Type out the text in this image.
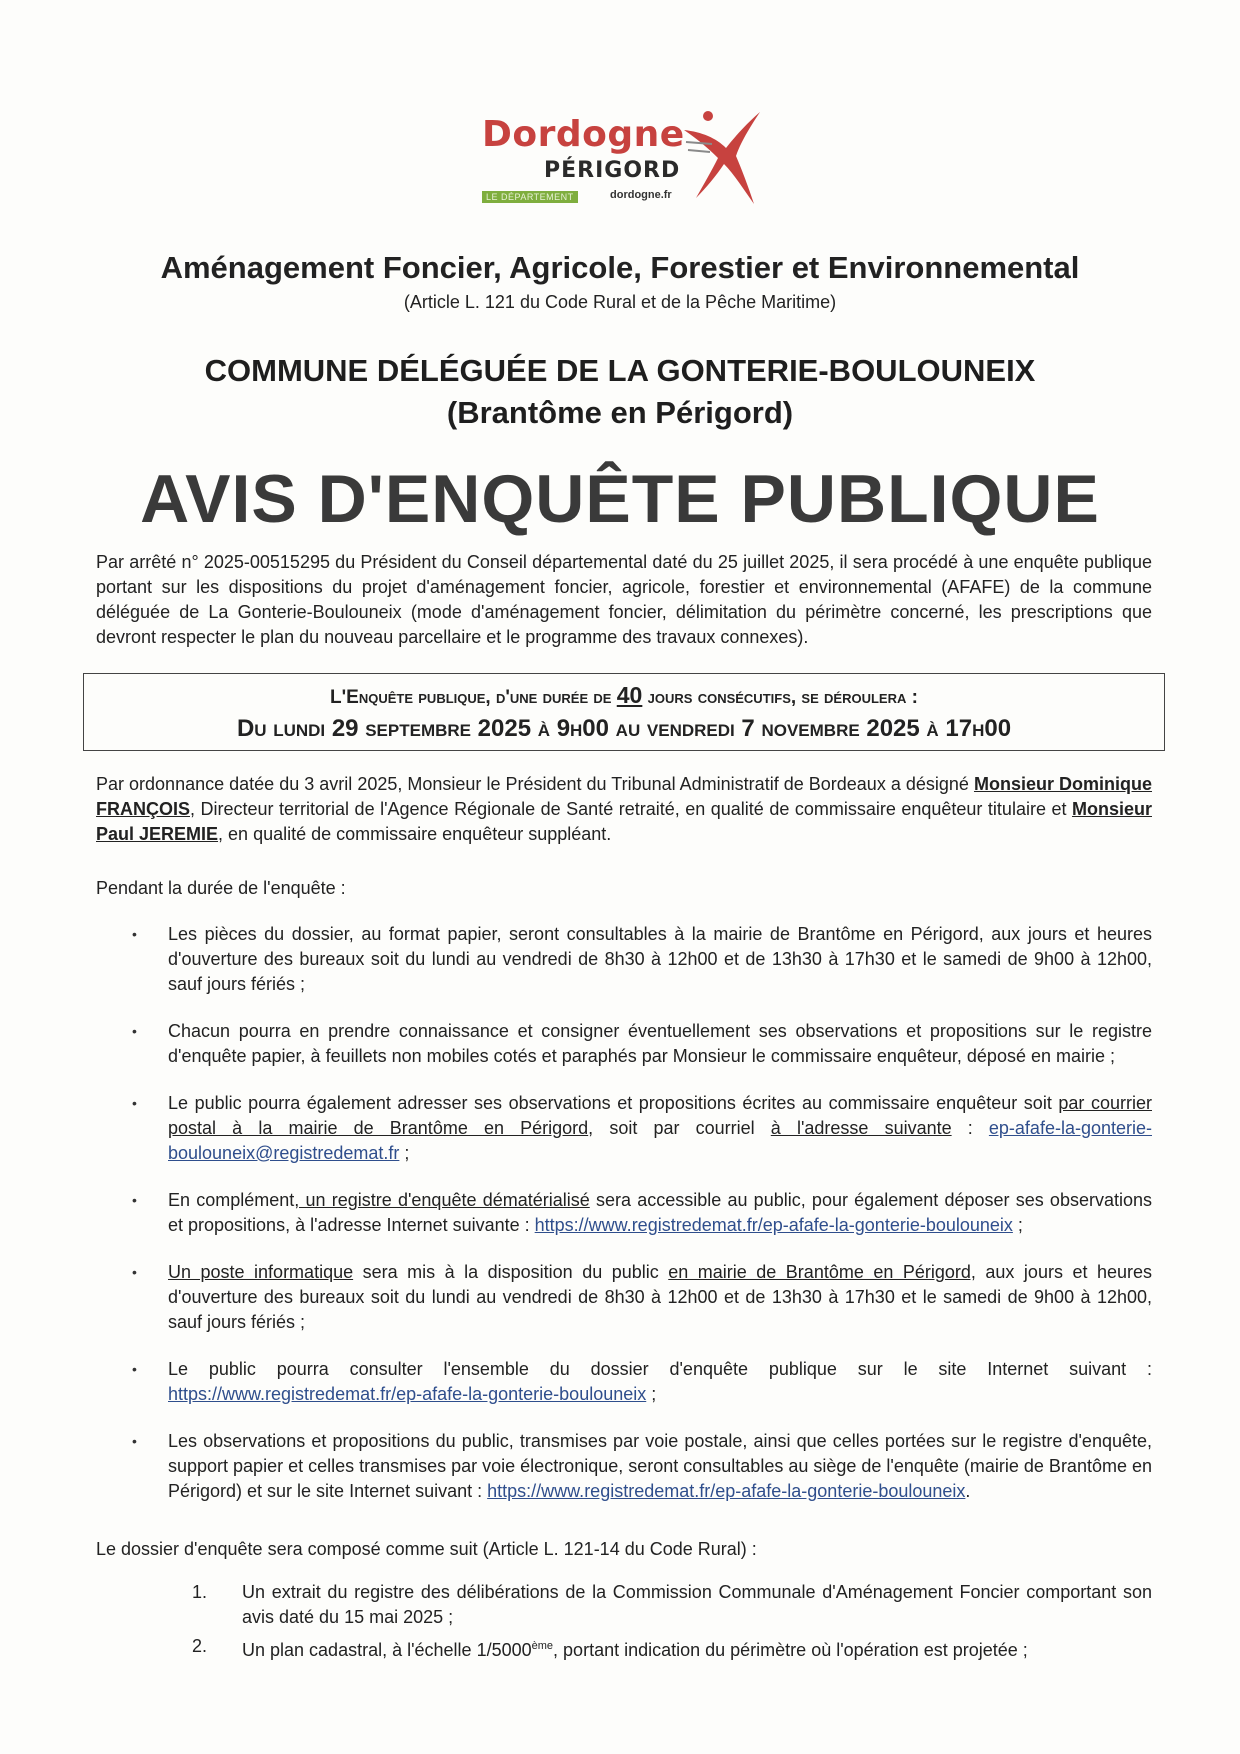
Dordogne
PÉRIGORD
LE DÉPARTEMENT	dordogne.fr
Aménagement Foncier, Agricole, Forestier et Environnemental
(Article L. 121 du Code Rural et de la Pêche Maritime)
COMMUNE DÉLÉGUÉE DE LA GONTERIE-BOULOUNEIX
(Brantôme en Périgord)
AVIS D'ENQUÊTE PUBLIQUE
Par arrêté n° 2025-00515295 du Président du Conseil départemental daté du 25 juillet 2025, il sera procédé à une enquête publique portant sur les dispositions du projet d'aménagement foncier, agricole, forestier et environnemental (AFAFE) de la commune déléguée de La Gonterie-Boulouneix (mode d'aménagement foncier, délimitation du périmètre concerné, les prescriptions que devront respecter le plan du nouveau parcellaire et le programme des travaux connexes).
L'Enquête publique, d'une durée de 40 jours consécutifs, se déroulera :
Du lundi 29 septembre 2025 à 9h00 au vendredi 7 novembre 2025 à 17h00
Par ordonnance datée du 3 avril 2025, Monsieur le Président du Tribunal Administratif de Bordeaux a désigné Monsieur Dominique FRANÇOIS, Directeur territorial de l'Agence Régionale de Santé retraité, en qualité de commissaire enquêteur titulaire et Monsieur Paul JEREMIE, en qualité de commissaire enquêteur suppléant.
Pendant la durée de l'enquête :
• Les pièces du dossier, au format papier, seront consultables à la mairie de Brantôme en Périgord, aux jours et heures d'ouverture des bureaux soit du lundi au vendredi de 8h30 à 12h00 et de 13h30 à 17h30 et le samedi de 9h00 à 12h00, sauf jours fériés ;
• Chacun pourra en prendre connaissance et consigner éventuellement ses observations et propositions sur le registre d'enquête papier, à feuillets non mobiles cotés et paraphés par Monsieur le commissaire enquêteur, déposé en mairie ;
• Le public pourra également adresser ses observations et propositions écrites au commissaire enquêteur soit par courrier postal à la mairie de Brantôme en Périgord, soit par courriel à l'adresse suivante : ep-afafe-la-gonterie-boulouneix@registredemat.fr ;
• En complément, un registre d'enquête dématérialisé sera accessible au public, pour également déposer ses observations et propositions, à l'adresse Internet suivante : https://www.registredemat.fr/ep-afafe-la-gonterie-boulouneix ;
• Un poste informatique sera mis à la disposition du public en mairie de Brantôme en Périgord, aux jours et heures d'ouverture des bureaux soit du lundi au vendredi de 8h30 à 12h00 et de 13h30 à 17h30 et le samedi de 9h00 à 12h00, sauf jours fériés ;
• Le public pourra consulter l'ensemble du dossier d'enquête publique sur le site Internet suivant : https://www.registredemat.fr/ep-afafe-la-gonterie-boulouneix ;
• Les observations et propositions du public, transmises par voie postale, ainsi que celles portées sur le registre d'enquête, support papier et celles transmises par voie électronique, seront consultables au siège de l'enquête (mairie de Brantôme en Périgord) et sur le site Internet suivant : https://www.registredemat.fr/ep-afafe-la-gonterie-boulouneix.
Le dossier d'enquête sera composé comme suit (Article L. 121-14 du Code Rural) :
1. Un extrait du registre des délibérations de la Commission Communale d'Aménagement Foncier comportant son avis daté du 15 mai 2025 ;
2. Un plan cadastral, à l'échelle 1/5000ème, portant indication du périmètre où l'opération est projetée ;
